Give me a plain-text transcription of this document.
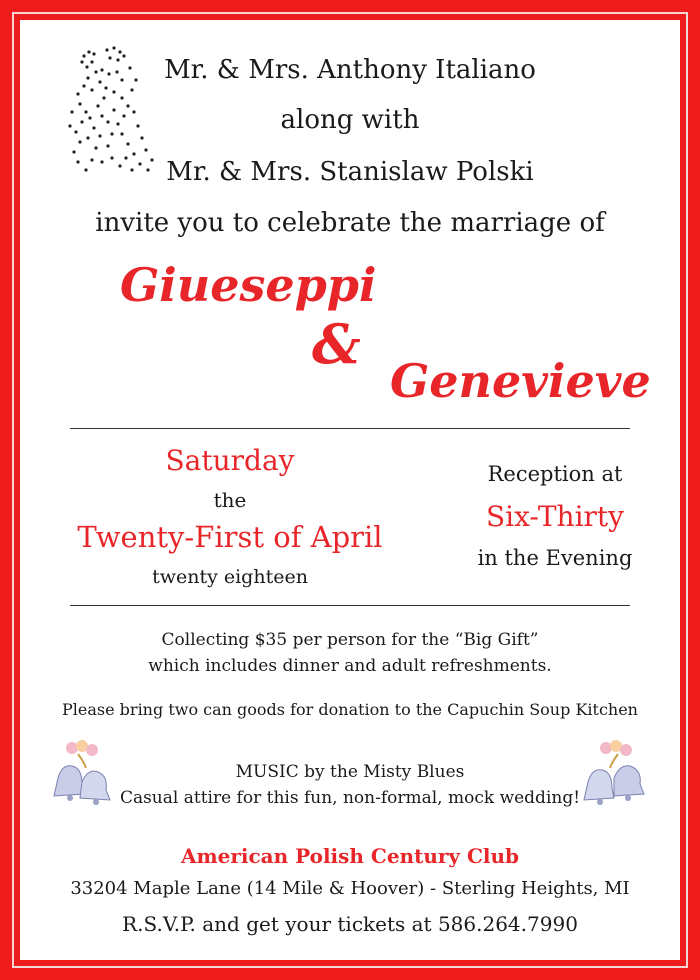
Mr. & Mrs. Anthony Italiano
along with
Mr. & Mrs. Stanislaw Polski
invite you to celebrate the marriage of
Giueseppi
&
Genevieve
Saturday
the
Twenty-First of April
twenty eighteen
Reception at
Six-Thirty
in the Evening
Collecting $35 per person for the “Big Gift”
which includes dinner and adult refreshments.
Please bring two can goods for donation to the Capuchin Soup Kitchen
MUSIC by the Misty Blues
Casual attire for this fun, non-formal, mock wedding!
American Polish Century Club
33204 Maple Lane (14 Mile & Hoover) - Sterling Heights, MI
R.S.V.P. and get your tickets at 586.264.7990
